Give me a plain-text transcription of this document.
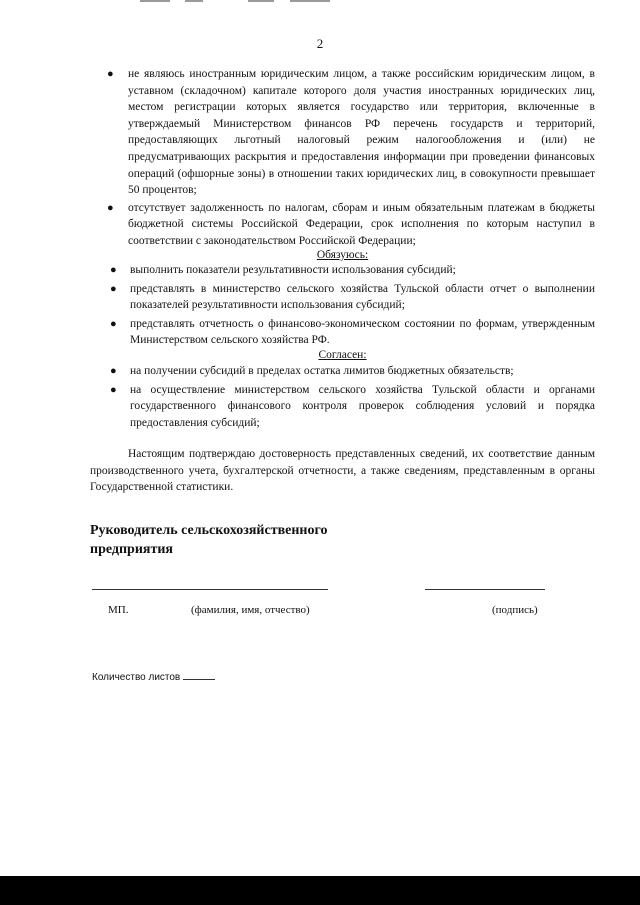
2
● не являюсь иностранным юридическим лицом, а также российским юридическим лицом, в уставном (складочном) капитале которого доля участия иностранных юридических лиц, местом регистрации которых является государство или территория, включенные в утверждаемый Министерством финансов РФ перечень государств и территорий, предоставляющих льготный налоговый режим налогообложения и (или) не предусматривающих раскрытия и предоставления информации при проведении финансовых операций (офшорные зоны) в отношении таких юридических лиц, в совокупности превышает 50 процентов;
● отсутствует задолженность по налогам, сборам и иным обязательным платежам в бюджеты бюджетной системы Российской Федерации, срок исполнения по которым наступил в соответствии с законодательством Российской Федерации;
Обязуюсь:
● выполнить показатели результативности использования субсидий;
● представлять в министерство сельского хозяйства Тульской области отчет о выполнении показателей результативности использования субсидий;
● представлять отчетность о финансово-экономическом состоянии по формам, утвержденным Министерством сельского хозяйства РФ.
Согласен:
● на получении субсидий в пределах остатка лимитов бюджетных обязательств;
● на осуществление министерством сельского хозяйства Тульской области и органами государственного финансового контроля проверок соблюдения условий и порядка предоставления субсидий;
Настоящим подтверждаю достоверность представленных сведений, их соответствие данным производственного учета, бухгалтерской отчетности, а также сведениям, представленным в органы Государственной статистики.
Руководитель сельскохозяйственного предприятия
МП.	(фамилия, имя, отчество)	(подпись)
Количество листов
